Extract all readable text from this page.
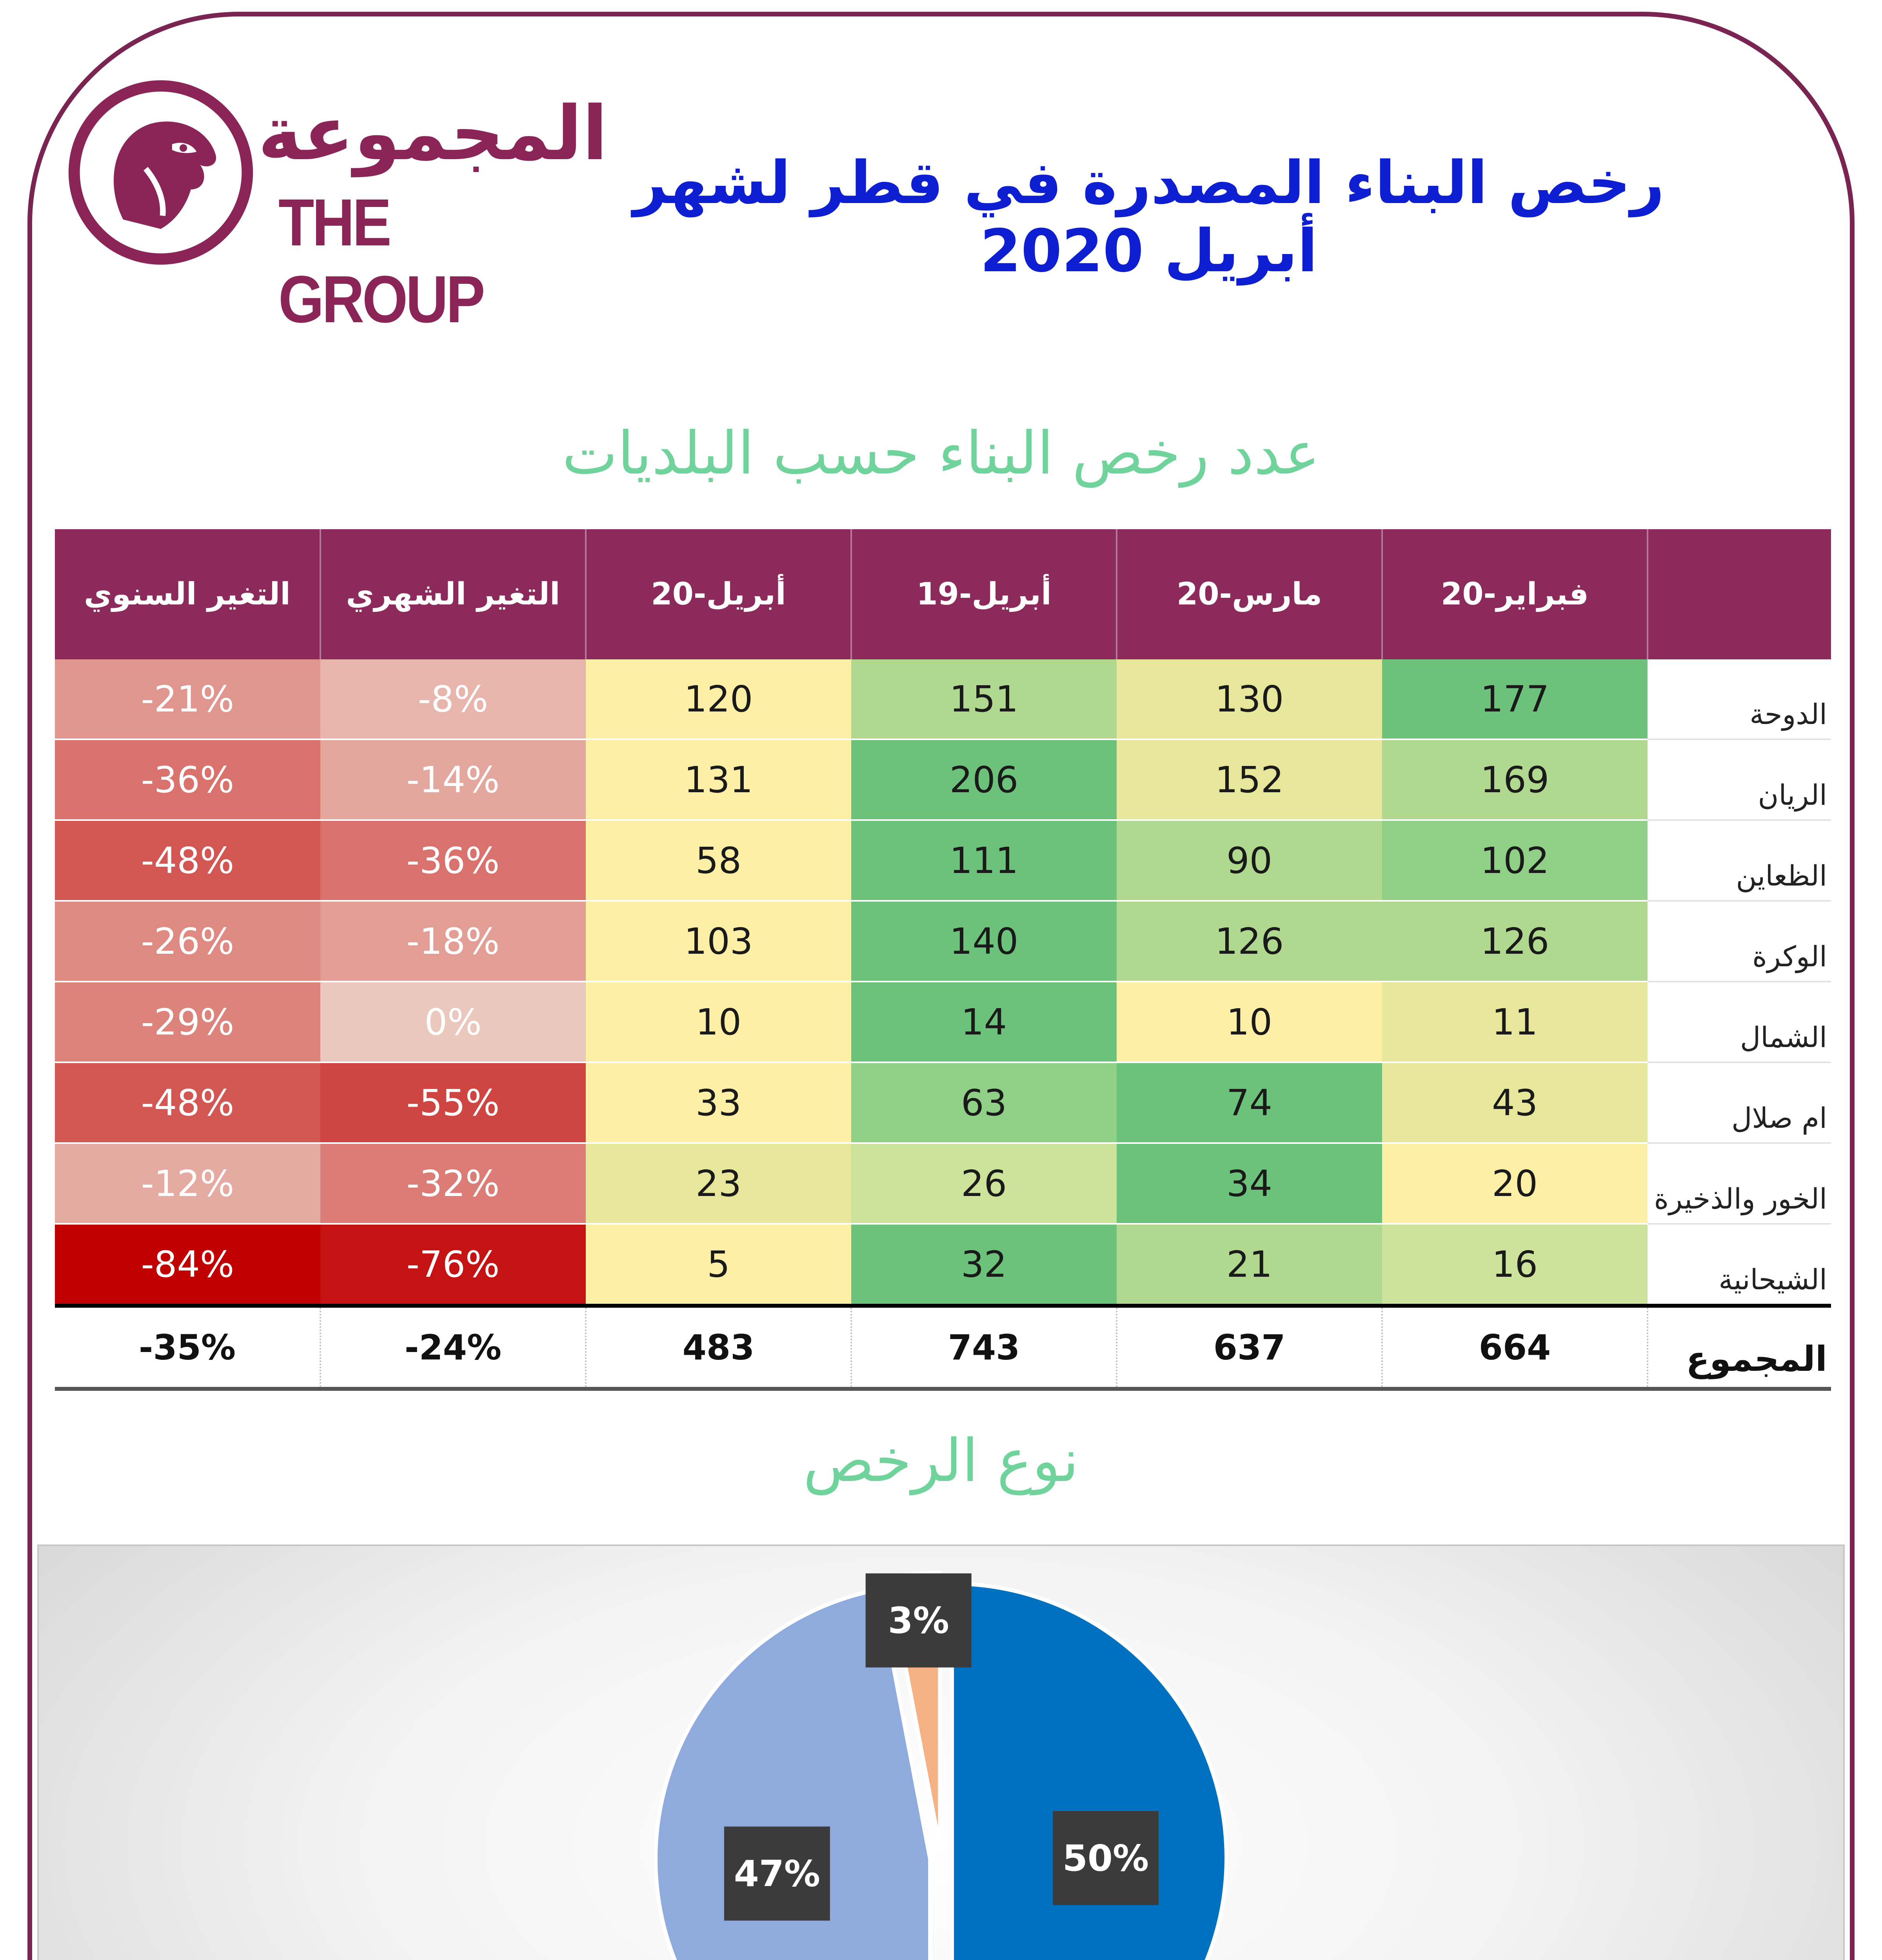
المجموعة
THE GROUP
رخص البناء المصدرة في قطر لشهر أبريل 2020
عدد رخص البناء حسب البلديات
التغير السنوي	التغير الشهري	أبريل-20	أبريل-19	مارس-20	فبراير-20	
-21%	-8%	120	151	130	177	الدوحة
-36%	-14%	131	206	152	169	الريان
-48%	-36%	58	111	90	102	الظعاين
-26%	-18%	103	140	126	126	الوكرة
-29%	0%	10	14	10	11	الشمال
-48%	-55%	33	63	74	43	ام صلال
-12%	-32%	23	26	34	20	الخور والذخيرة
-84%	-76%	5	32	21	16	الشيحانية
-35%	-24%	483	743	637	664	المجموع
نوع الرخص
50%
47%
3%
